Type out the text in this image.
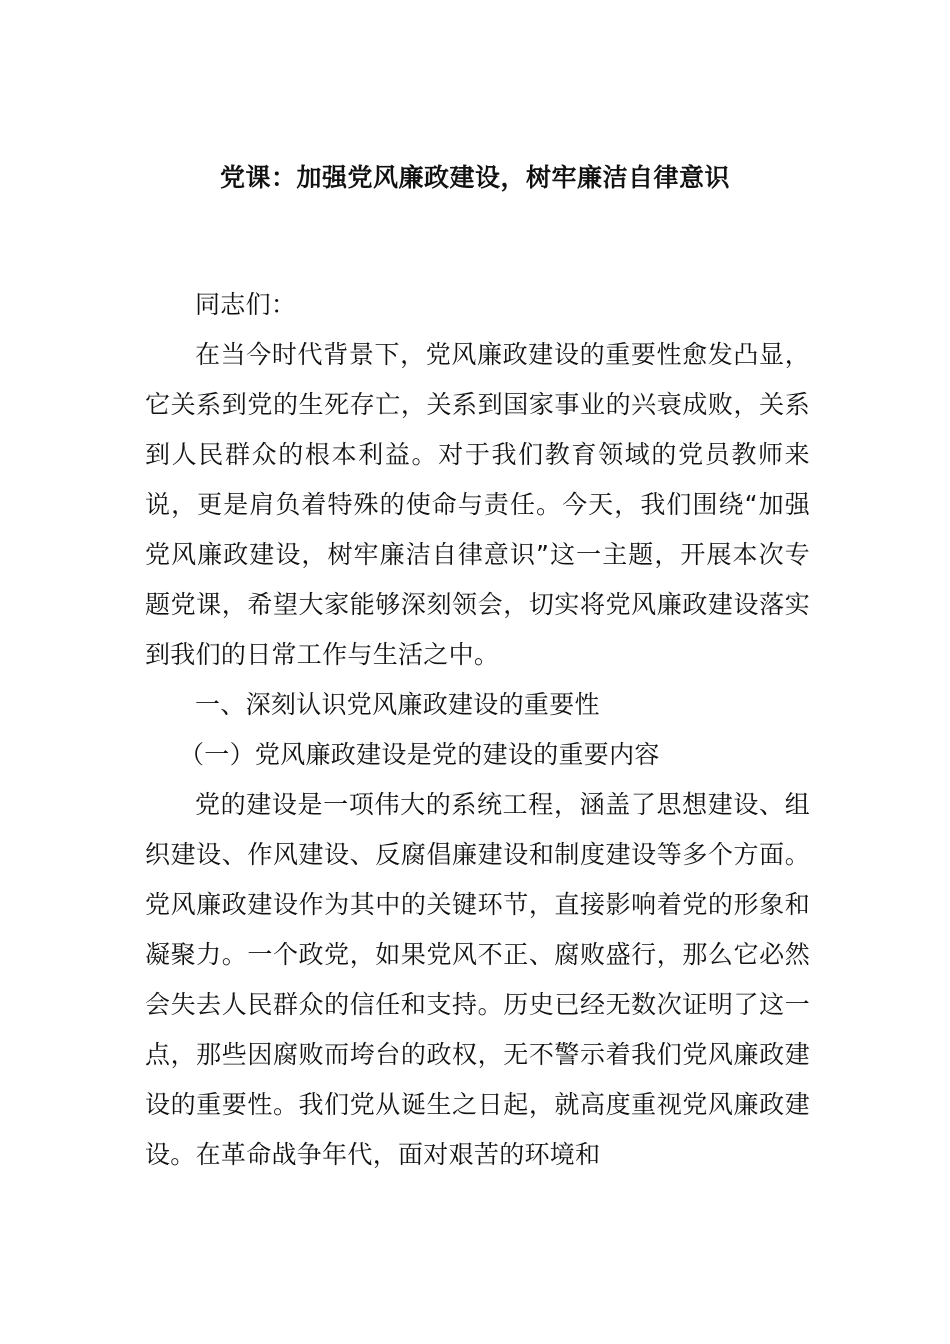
党课：加强党风廉政建设，树牢廉洁自律意识

同志们：

在当今时代背景下，党风廉政建设的重要性愈发凸显，它关系到党的生死存亡，关系到国家事业的兴衰成败，关系到人民群众的根本利益。对于我们教育领域的党员教师来说，更是肩负着特殊的使命与责任。今天，我们围绕“加强党风廉政建设，树牢廉洁自律意识”这一主题，开展本次专题党课，希望大家能够深刻领会，切实将党风廉政建设落实到我们的日常工作与生活之中。

一、深刻认识党风廉政建设的重要性

（一）党风廉政建设是党的建设的重要内容

党的建设是一项伟大的系统工程，涵盖了思想建设、组织建设、作风建设、反腐倡廉建设和制度建设等多个方面。党风廉政建设作为其中的关键环节，直接影响着党的形象和凝聚力。一个政党，如果党风不正、腐败盛行，那么它必然会失去人民群众的信任和支持。历史已经无数次证明了这一点，那些因腐败而垮台的政权，无不警示着我们党风廉政建设的重要性。我们党从诞生之日起，就高度重视党风廉政建设。在革命战争年代，面对艰苦的环境和
